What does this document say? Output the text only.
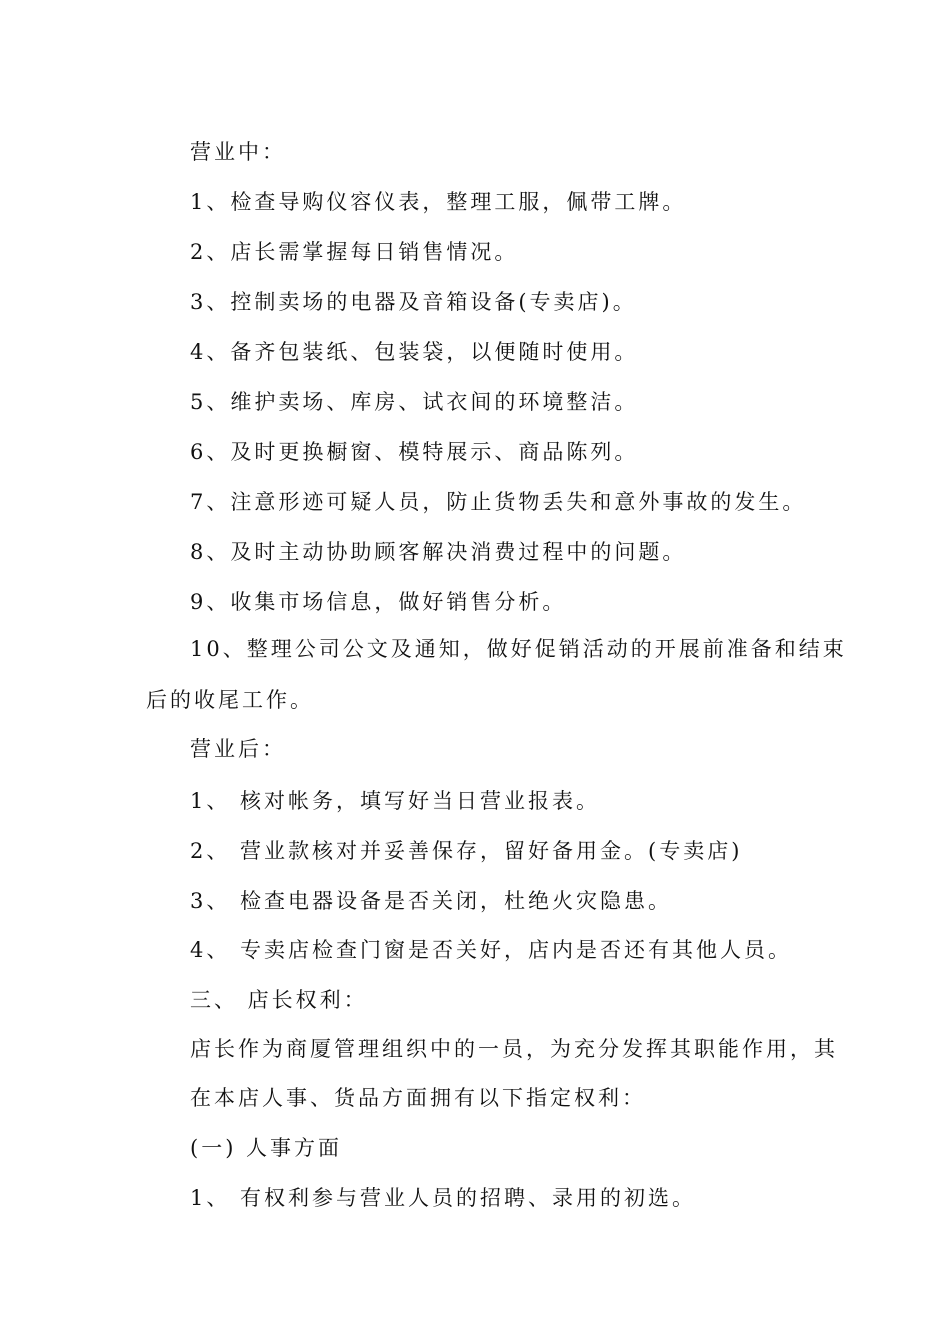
营业中：
1、检查导购仪容仪表，整理工服，佩带工牌。
2、店长需掌握每日销售情况。
3、控制卖场的电器及音箱设备(专卖店)。
4、备齐包装纸、包装袋，以便随时使用。
5、维护卖场、库房、试衣间的环境整洁。
6、及时更换橱窗、模特展示、商品陈列。
7、注意形迹可疑人员，防止货物丢失和意外事故的发生。
8、及时主动协助顾客解决消费过程中的问题。
9、收集市场信息，做好销售分析。
10、整理公司公文及通知，做好促销活动的开展前准备和结束
后的收尾工作。
营业后：
1、 核对帐务，填写好当日营业报表。
2、 营业款核对并妥善保存，留好备用金。(专卖店)
3、 检查电器设备是否关闭，杜绝火灾隐患。
4、 专卖店检查门窗是否关好，店内是否还有其他人员。
三、 店长权利：
店长作为商厦管理组织中的一员，为充分发挥其职能作用，其
在本店人事、货品方面拥有以下指定权利：
(一) 人事方面
1、 有权利参与营业人员的招聘、录用的初选。
